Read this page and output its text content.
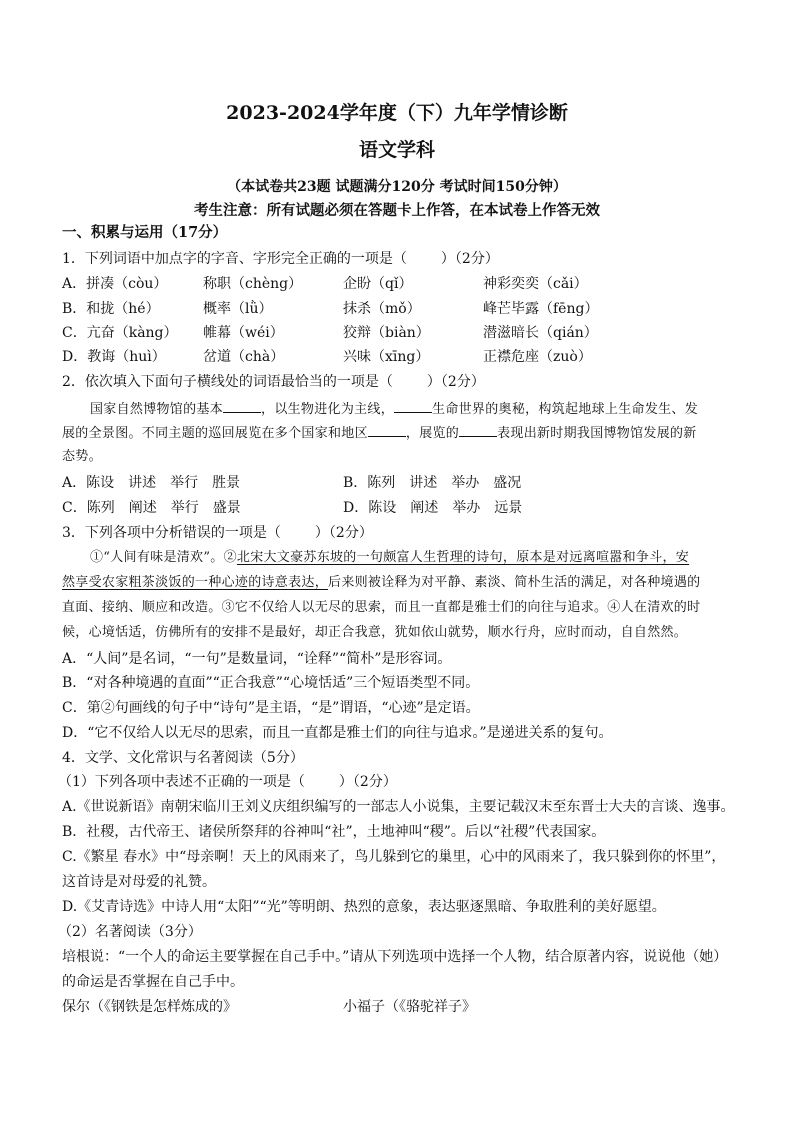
2023-2024学年度（下）九年学情诊断
语文学科
（本试卷共23题 试题满分120分 考试时间150分钟）
考生注意：所有试题必须在答题卡上作答，在本试卷上作答无效
一、积累与运用（17分）
1．下列词语中加点字的字音、字形完全正确的一项是（ ）（2分）
A．拼凑（còu）	称职（chèng）	企盼（qǐ）	神彩奕奕（cǎi）
B．和拢（hé）	概率（lǜ）	抹杀（mǒ）	峰芒毕露（fēng）
C．亢奋（kàng） 帷幕（wéi）	狡辩（biàn）	潜滋暗长（qián）
D．教诲（huì）	岔道（chà）	兴味（xīng）	正襟危座（zuò）
2．依次填入下面句子横线处的词语最恰当的一项是（ ）（2分）
国家自然博物馆的基本	，以生物进化为主线，	生命世界的奥秘，构筑起地球上生命发生、发
展的全景图。不同主题的巡回展览在多个国家和地区	，展览的	表现出新时期我国博物馆发展的新
态势。
A．陈设　讲述　举行　胜景	B．陈列　讲述　举办　盛况
C．陈列　阐述　举行　盛景	D．陈设　阐述　举办　远景
3．下列各项中分析错误的一项是（ ）（2分）
①“人间有味是清欢”。②北宋大文豪苏东坡的一句颇富人生哲理的诗句，原本是对远离喧嚣和争斗，安
然享受农家粗茶淡饭的一种心迹的诗意表达，后来则被诠释为对平静、素淡、简朴生活的满足，对各种境遇的
直面、接纳、顺应和改造。③它不仅给人以无尽的思索，而且一直都是雅士们的向往与追求。④人在清欢的时
候，心境恬适，仿佛所有的安排不是最好，却正合我意，犹如依山就势，顺水行舟，应时而动，自自然然。
A．“人间”是名词，“一句”是数量词，“诠释”“简朴”是形容词。
B．“对各种境遇的直面”“正合我意”“心境恬适”三个短语类型不同。
C．第②句画线的句子中“诗句”是主语，“是”谓语，“心迹”是定语。
D．“它不仅给人以无尽的思索，而且一直都是雅士们的向往与追求。”是递进关系的复句。
4．文学、文化常识与名著阅读（5分）
（1）下列各项中表述不正确的一项是（ ）（2分）
A.《世说新语》南朝宋临川王刘义庆组织编写的一部志人小说集，主要记载汉末至东晋士大夫的言谈、逸事。
B．社稷，古代帝王、诸侯所祭拜的谷神叫“社”，土地神叫“稷”。后以“社稷”代表国家。
C.《繁星 春水》中“母亲啊！天上的风雨来了，鸟儿躲到它的巢里，心中的风雨来了，我只躲到你的怀里”，
这首诗是对母爱的礼赞。
D.《艾青诗选》中诗人用“太阳”“光”等明朗、热烈的意象，表达驱逐黑暗、争取胜利的美好愿望。
（2）名著阅读（3分）
培根说：“一个人的命运主要掌握在自己手中。”请从下列选项中选择一个人物，结合原著内容，说说他（她）
的命运是否掌握在自己手中。
保尔（《钢铁是怎样炼成的》	小福子（《骆驼祥子》
